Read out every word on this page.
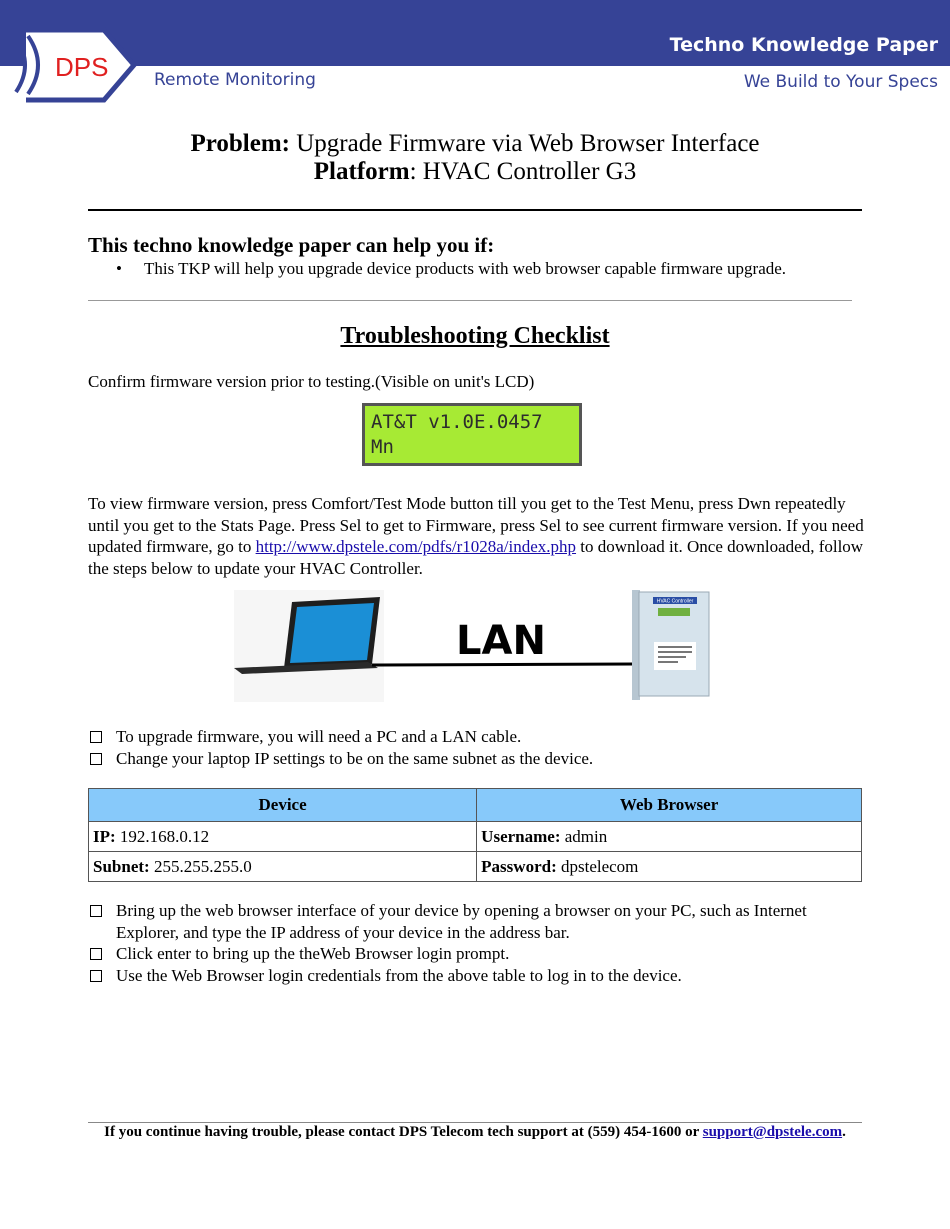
Techno Knowledge Paper
DPS	Remote Monitoring	We Build to Your Specs
Problem: Upgrade Firmware via Web Browser Interface
Platform: HVAC Controller G3
This techno knowledge paper can help you if:
• This TKP will help you upgrade device products with web browser capable firmware upgrade.
Troubleshooting Checklist
Confirm firmware version prior to testing.(Visible on unit's LCD)
AT&T v1.0E.0457
Mn
To view firmware version, press Comfort/Test Mode button till you get to the Test Menu, press Dwn repeatedly until you get to the Stats Page. Press Sel to get to Firmware, press Sel to see current firmware version. If you need updated firmware, go to http://www.dpstele.com/pdfs/r1028a/index.php to download it. Once downloaded, follow the steps below to update your HVAC Controller.
HVAC Controller
LAN
To upgrade firmware, you will need a PC and a LAN cable.
Change your laptop IP settings to be on the same subnet as the device.
Device	Web Browser
IP: 192.168.0.12	Username: admin
Subnet: 255.255.255.0	Password: dpstelecom
Bring up the web browser interface of your device by opening a browser on your PC, such as Internet Explorer, and type the IP address of your device in the address bar.
Click enter to bring up the theWeb Browser login prompt.
Use the Web Browser login credentials from the above table to log in to the device.
If you continue having trouble, please contact DPS Telecom tech support at (559) 454-1600 or support@dpstele.com.
